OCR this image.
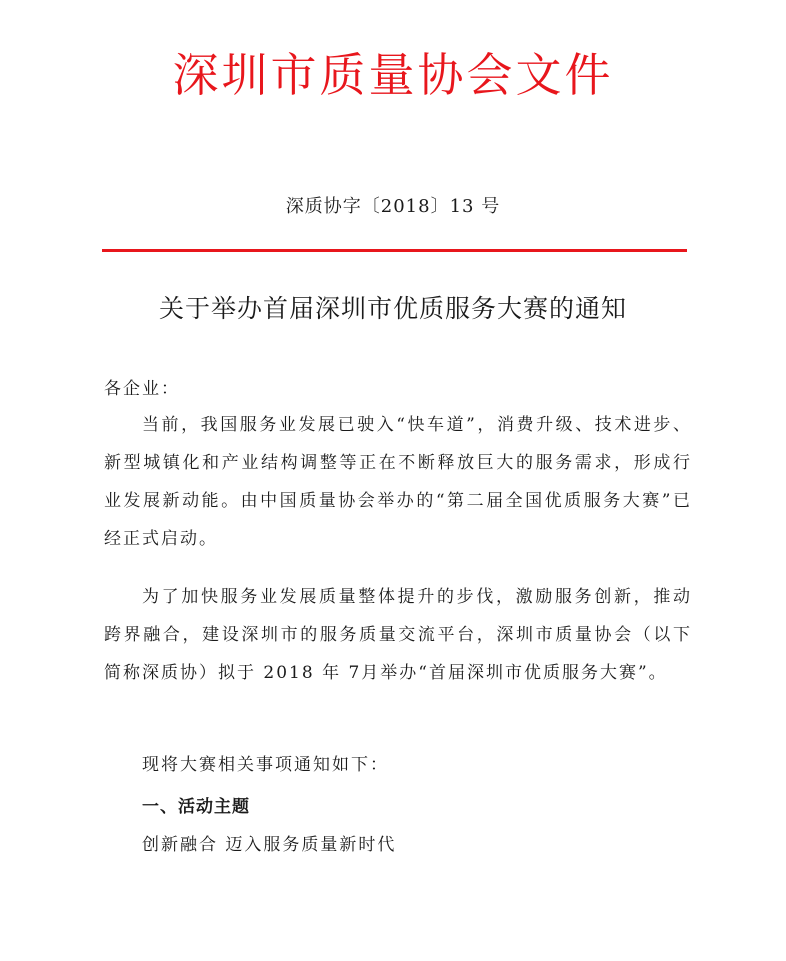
深圳市质量协会文件
深质协字〔2018〕13 号
关于举办首届深圳市优质服务大赛的通知
各企业：
当前，我国服务业发展已驶入“快车道”，消费升级、技术进步、新型城镇化和产业结构调整等正在不断释放巨大的服务需求，形成行业发展新动能。由中国质量协会举办的“第二届全国优质服务大赛”已经正式启动。
为了加快服务业发展质量整体提升的步伐，激励服务创新，推动跨界融合，建设深圳市的服务质量交流平台，深圳市质量协会（以下简称深质协）拟于 2018 年 7月举办“首届深圳市优质服务大赛”。
现将大赛相关事项通知如下：
一、活动主题
创新融合 迈入服务质量新时代
